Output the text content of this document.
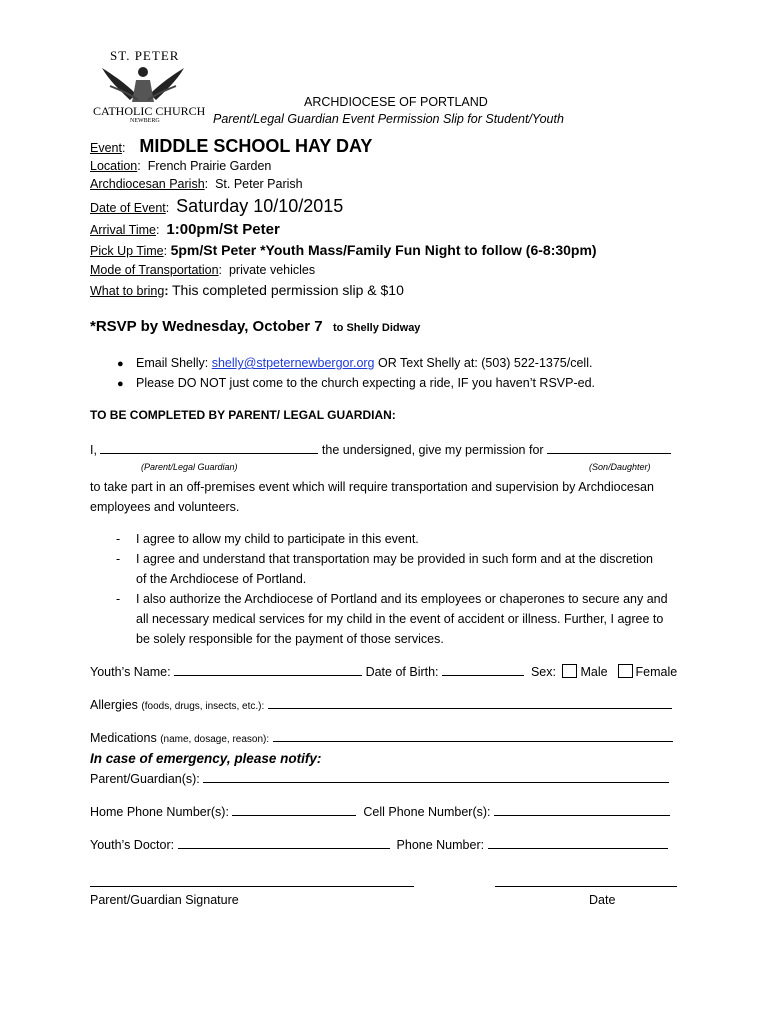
ST. PETER
CATHOLIC CHURCH
NEWBERG
ARCHDIOCESE OF PORTLAND
Parent/Legal Guardian Event Permission Slip for Student/Youth
Event:    MIDDLE SCHOOL HAY DAY
Location:  French Prairie Garden
Archdiocesan Parish:  St. Peter Parish
Date of Event:  Saturday 10/10/2015
Arrival Time:  1:00pm/St Peter
Pick Up Time: 5pm/St Peter *Youth Mass/Family Fun Night to follow (6-8:30pm)
Mode of Transportation:  private vehicles
What to bring: This completed permission slip & $10
*RSVP by Wednesday, October 7 to Shelly Didway
● Email Shelly: shelly@stpeternewbergor.org OR Text Shelly at: (503) 522-1375/cell.
● Please DO NOT just come to the church expecting a ride, IF you haven’t RSVP-ed.
TO BE COMPLETED BY PARENT/ LEGAL GUARDIAN:
I,	the undersigned, give my permission for
(Parent/Legal Guardian)	(Son/Daughter)
to take part in an off-premises event which will require transportation and supervision by Archdiocesan
employees and volunteers.
- I agree to allow my child to participate in this event.
- I agree and understand that transportation may be provided in such form and at the discretion
of the Archdiocese of Portland.
- I also authorize the Archdiocese of Portland and its employees or chaperones to secure any and
all necessary medical services for my child in the event of accident or illness. Further, I agree to
be solely responsible for the payment of those services.
Youth’s Name:	Date of Birth:	Sex: Male Female
Allergies (foods, drugs, insects, etc.):
Medications (name, dosage, reason):
In case of emergency, please notify:
Parent/Guardian(s):
Home Phone Number(s):	Cell Phone Number(s):
Youth’s Doctor:	Phone Number:
Parent/Guardian Signature	Date
